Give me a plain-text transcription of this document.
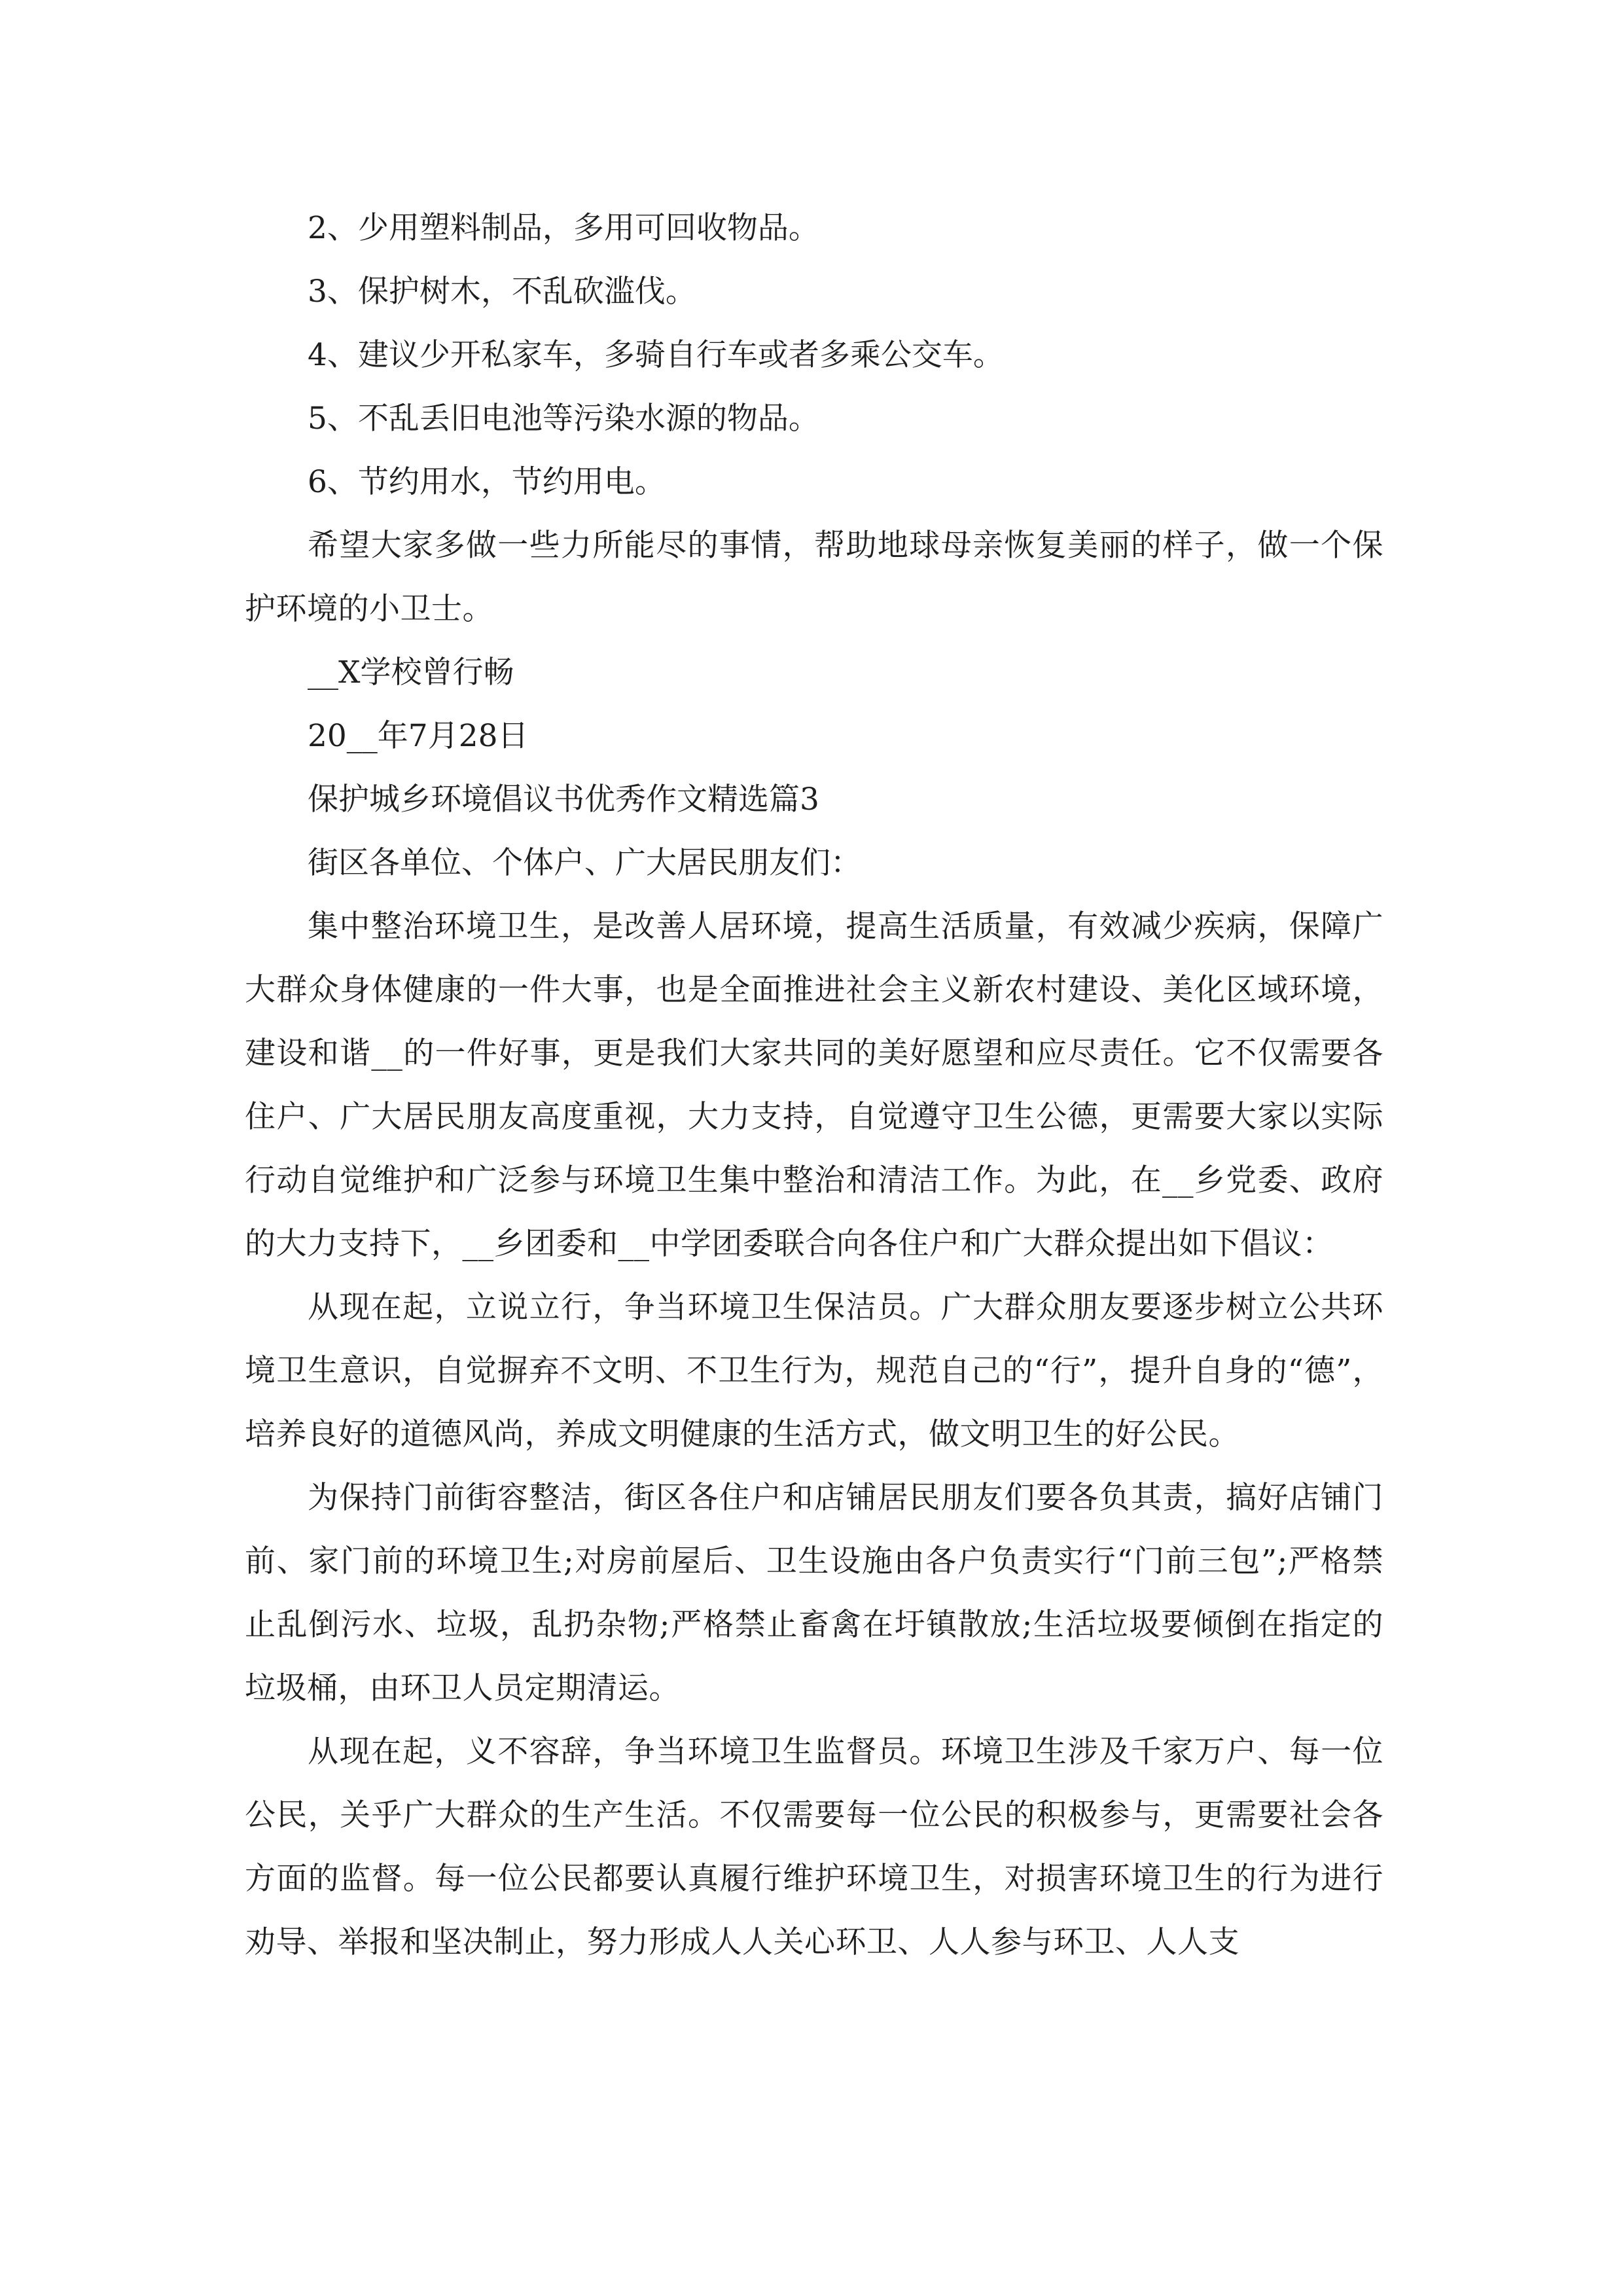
2、少用塑料制品，多用可回收物品。

3、保护树木，不乱砍滥伐。

4、建议少开私家车，多骑自行车或者多乘公交车。

5、不乱丢旧电池等污染水源的物品。

6、节约用水，节约用电。

希望大家多做一些力所能尽的事情，帮助地球母亲恢复美丽的样子，做一个保护环境的小卫士。

__X学校曾行畅

20__年7月28日

保护城乡环境倡议书优秀作文精选篇3

街区各单位、个体户、广大居民朋友们：

集中整治环境卫生，是改善人居环境，提高生活质量，有效减少疾病，保障广大群众身体健康的一件大事，也是全面推进社会主义新农村建设、美化区域环境，建设和谐__的一件好事，更是我们大家共同的美好愿望和应尽责任。它不仅需要各住户、广大居民朋友高度重视，大力支持，自觉遵守卫生公德，更需要大家以实际行动自觉维护和广泛参与环境卫生集中整治和清洁工作。为此，在__乡党委、政府的大力支持下，__乡团委和__中学团委联合向各住户和广大群众提出如下倡议：

从现在起，立说立行，争当环境卫生保洁员。广大群众朋友要逐步树立公共环境卫生意识，自觉摒弃不文明、不卫生行为，规范自己的“行”，提升自身的“德”，培养良好的道德风尚，养成文明健康的生活方式，做文明卫生的好公民。

为保持门前街容整洁，街区各住户和店铺居民朋友们要各负其责，搞好店铺门前、家门前的环境卫生;对房前屋后、卫生设施由各户负责实行“门前三包”;严格禁止乱倒污水、垃圾，乱扔杂物;严格禁止畜禽在圩镇散放;生活垃圾要倾倒在指定的垃圾桶，由环卫人员定期清运。

从现在起，义不容辞，争当环境卫生监督员。环境卫生涉及千家万户、每一位公民，关乎广大群众的生产生活。不仅需要每一位公民的积极参与，更需要社会各方面的监督。每一位公民都要认真履行维护环境卫生，对损害环境卫生的行为进行劝导、举报和坚决制止，努力形成人人关心环卫、人人参与环卫、人人支
